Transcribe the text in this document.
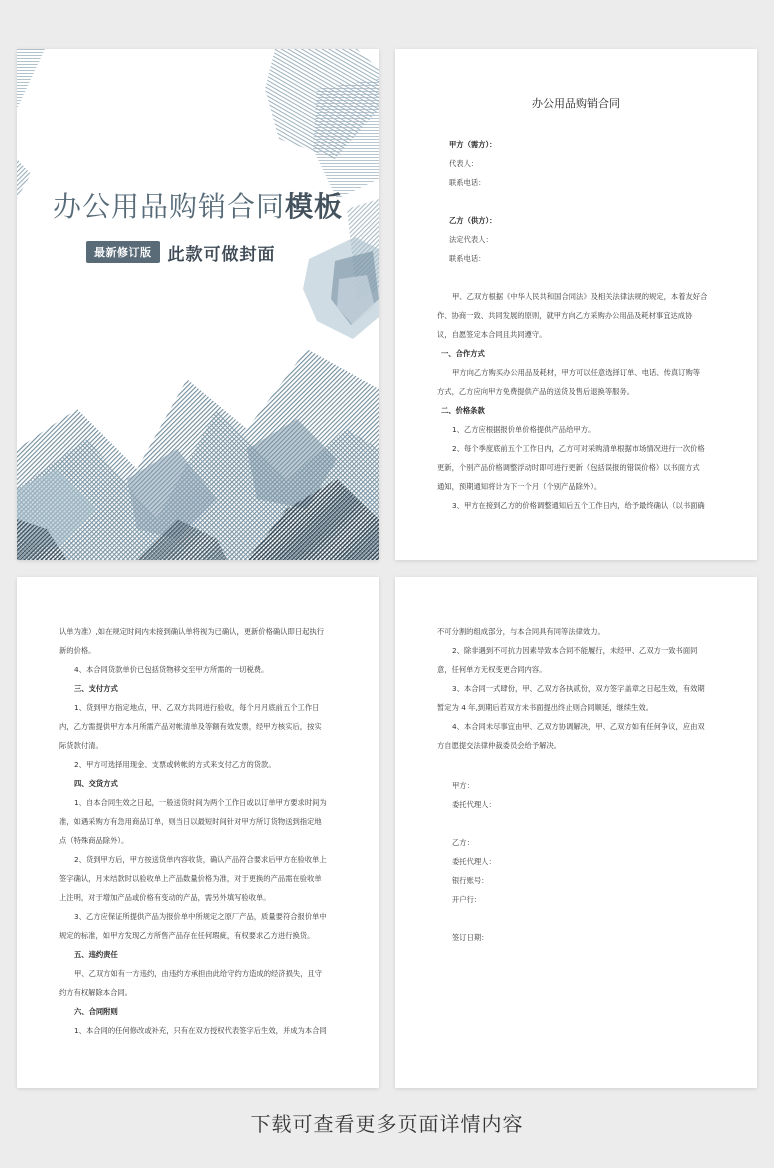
办公用品购销合同模板
最新修订版 此款可做封面
办公用品购销合同
甲方（需方）：
代表人：
联系电话：
乙方（供方）：
法定代表人：
联系电话：
甲、乙双方根据《中华人民共和国合同法》及相关法律法规的规定，本着友好合
作、协商一致、共同发展的原则，就甲方向乙方采购办公用品及耗材事宜达成协
议，自愿签定本合同且共同遵守。
一、合作方式
甲方向乙方购买办公用品及耗材，甲方可以任意选择订单、电话、传真订购等
方式，乙方应向甲方免费提供产品的送货及售后退换等服务。
二、价格条款
1、乙方应根据报价单价格提供产品给甲方。
2、每个季度底前五个工作日内，乙方可对采购清单根据市场情况进行一次价格
更新，个别产品价格调整浮动时即可进行更新（包括误报的错误价格）以书面方式
通知，预期通知将计为下一个月（个别产品除外）。
3、甲方在接到乙方的价格调整通知后五个工作日内，给予最终确认（以书面确
认单为准）,如在规定时间内未接到确认单将视为已确认，更新价格确认即日起执行
新的价格。
4、本合同货款单价已包括货物移交至甲方所需的一切税费。
三、支付方式
1、货到甲方指定地点，甲、乙双方共同进行验收，每个月月底前五个工作日
内，乙方需提供甲方本月所需产品对帐清单及等额有效发票，经甲方核实后，按实
际货款付清。
2、甲方可选择用现金、支票或转帐的方式来支付乙方的货款。
四、交货方式
1、自本合同生效之日起，一般送货时间为两个工作日或以订单甲方要求时间为
准，如遇采购方有急用商品订单，则当日以最短时间针对甲方所订货物送到指定地
点（特殊商品除外）。
2、货到甲方后，甲方按送货单内容收货，确认产品符合要求后甲方在验收单上
签字确认，月末结款时以验收单上产品数量价格为准，对于更换的产品需在验收单
上注明，对于增加产品或价格有变动的产品，需另外填写验收单。
3、乙方应保证所提供产品为报价单中所规定之原厂产品，质量要符合报价单中
规定的标准，如甲方发现乙方所售产品存在任何瑕疵，有权要求乙方进行换货。
五、违约责任
甲、乙双方如有一方违约，由违约方承担由此给守约方造成的经济损失，且守
约方有权解除本合同。
六、合同附则
1、本合同的任何修改或补充，只有在双方授权代表签字后生效，并成为本合同
不可分割的组成部分，与本合同具有同等法律效力。
2、除非遇到不可抗力因素导致本合同不能履行，未经甲、乙双方一致书面同
意，任何单方无权变更合同内容。
3、本合同一式肆份，甲、乙双方各执贰份，双方签字盖章之日起生效，有效期
暂定为 4 年,到期后若双方未书面提出终止则合同顺延，继续生效。
4、本合同未尽事宜由甲、乙双方协调解决，甲、乙双方如有任何争议，应由双
方自愿提交法律仲裁委员会给予解决。
甲方：
委托代理人：
乙方：
委托代理人：
银行账号：
开户行：
签订日期：
下载可查看更多页面详情内容
